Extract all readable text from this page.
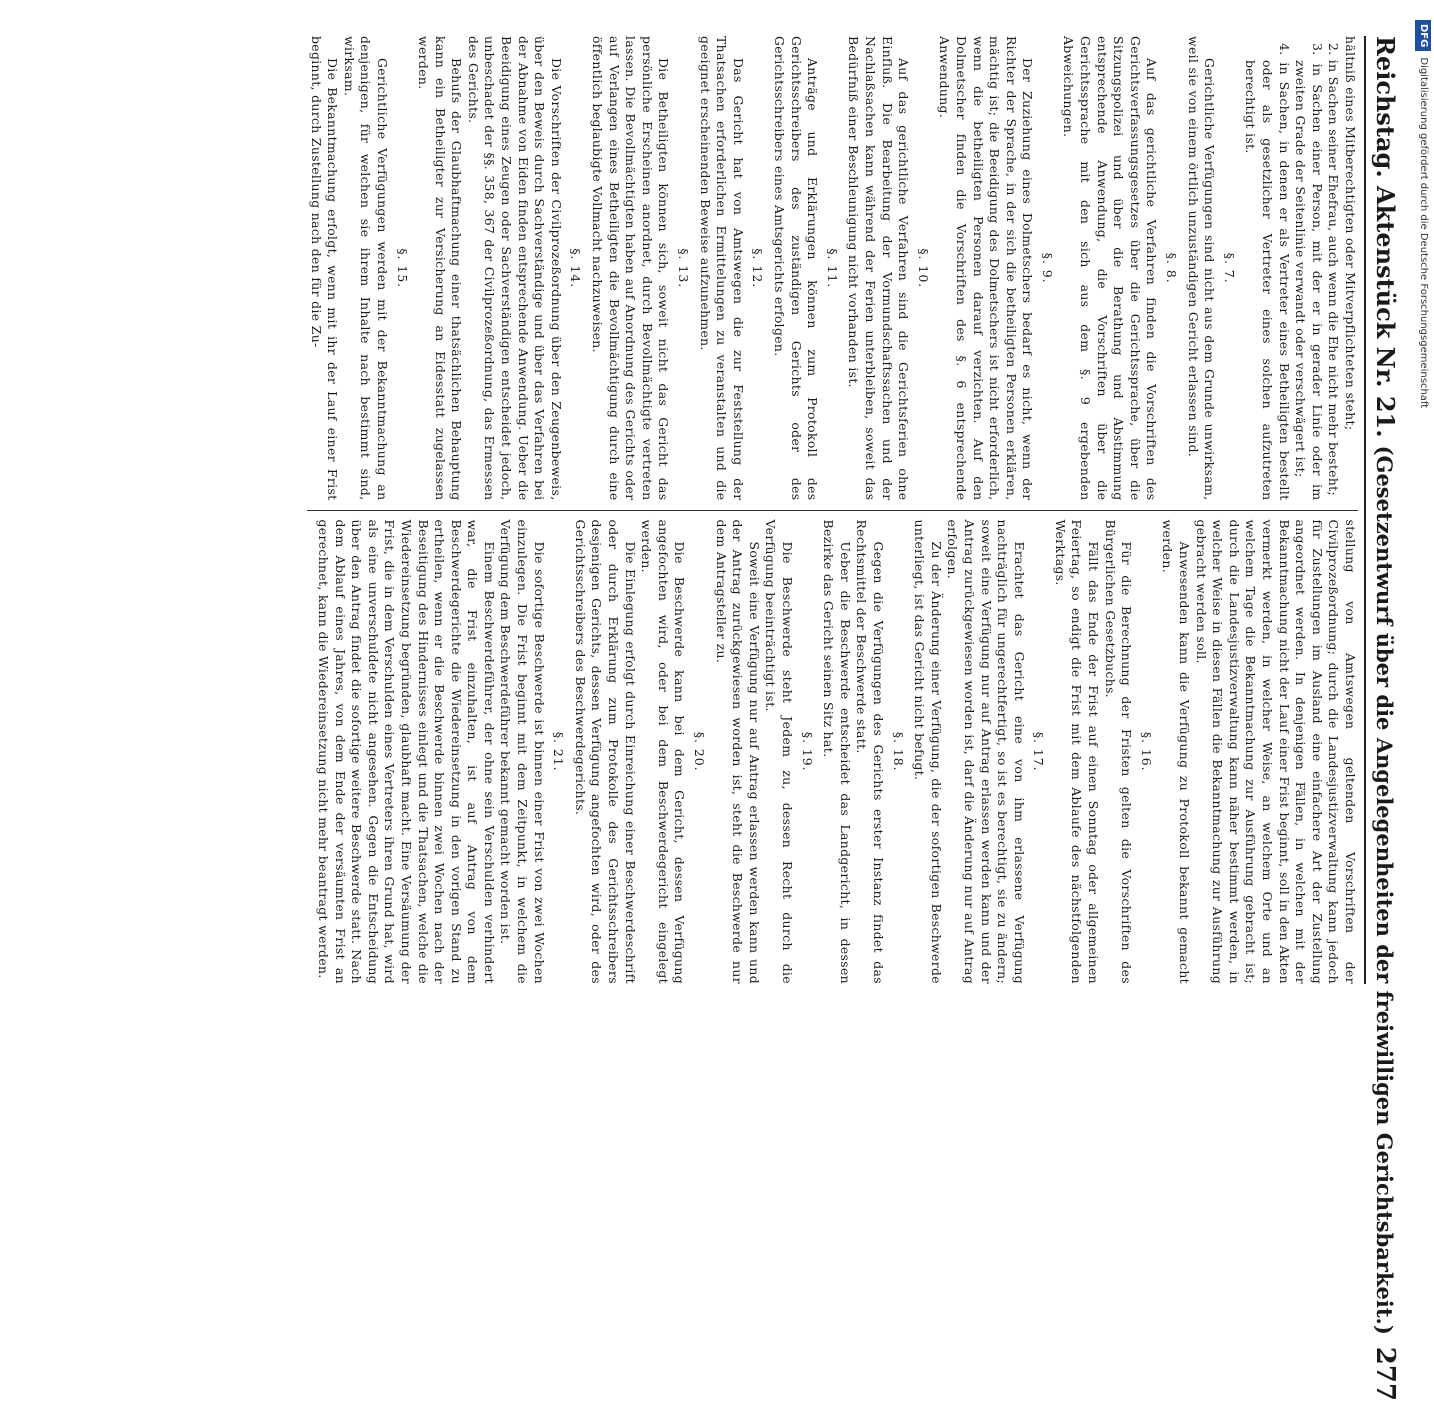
Reichstag. Aktenstück Nr. 21.(Gesetzentwurf über die Angelegenheiten der freiwilligen Gerichtsbarkeit.)
277

hältniß eines Mitberechtigten oder Mitverpflichteten steht;

2. in Sachen seiner Ehefrau, auch wenn die Ehe nicht mehr besteht;

3. in Sachen einer Person, mit der er in gerader Linie oder im zweiten Grade der Seitenlinie verwandt oder verschwägert ist;

4. in Sachen, in denen er als Vertreter eines Betheiligten bestellt oder als gesetzlicher Vertreter eines solchen aufzutreten berechtigt ist.

§. 7.

Gerichtliche Verfügungen sind nicht aus dem Grunde unwirksam, weil sie von einem örtlich unzuständigen Gericht erlassen sind.

§. 8.

Auf das gerichtliche Verfahren finden die Vorschriften des Gerichtsverfassungsgesetzes über die Gerichtssprache, über die Sitzungspolizei und über die Berathung und Abstimmung entsprechende Anwendung, die Vorschriften über die Gerichtssprache mit den sich aus dem §. 9 ergebenden Abweichungen.

§. 9.

Der Zuziehung eines Dolmetschers bedarf es nicht, wenn der Richter der Sprache, in der sich die betheiligten Personen erklären, mächtig ist; die Beeidigung des Dolmetschers ist nicht erforderlich, wenn die betheiligten Personen darauf verzichten. Auf den Dolmetscher finden die Vorschriften des §. 6 entsprechende Anwendung.

§. 10.

Auf das gerichtliche Verfahren sind die Gerichtsferien ohne Einfluß. Die Bearbeitung der Vormundschaftssachen und der Nachlaßsachen kann während der Ferien unterbleiben, soweit das Bedürfniß einer Beschleunigung nicht vorhanden ist.

§. 11.

Anträge und Erklärungen können zum Protokoll des Gerichtsschreibers des zuständigen Gerichts oder des Gerichtsschreibers eines Amtsgerichts erfolgen.

§. 12.

Das Gericht hat von Amtswegen die zur Feststellung der Thatsachen erforderlichen Ermittelungen zu veranstalten und die geeignet erscheinenden Beweise aufzunehmen.

§. 13.

Die Betheiligten können sich, soweit nicht das Gericht das persönliche Erscheinen anordnet, durch Bevollmächtigte vertreten lassen. Die Bevollmächtigten haben auf Anordnung des Gerichts oder auf Verlangen eines Betheiligten die Bevollmächtigung durch eine öffentlich beglaubigte Vollmacht nachzuweisen.

§. 14.

Die Vorschriften der Civilprozeßordnung über den Zeugenbeweis, über den Beweis durch Sachverständige und über das Verfahren bei der Abnahme von Eiden finden entsprechende Anwendung. Ueber die Beeidigung eines Zeugen oder Sachverständigen entscheidet jedoch, unbeschadet der §§. 358, 367 der Civilprozeßordnung, das Ermessen des Gerichts.

Behufs der Glaubhaftmachung einer thatsächlichen Behauptung kann ein Betheiligter zur Versicherung an Eidesstatt zugelassen werden.

§. 15.

Gerichtliche Verfügungen werden mit der Bekanntmachung an denjenigen, für welchen sie ihrem Inhalte nach bestimmt sind, wirksam.

Die Bekanntmachung erfolgt, wenn mit ihr der Lauf einer Frist beginnt, durch Zustellung nach den für die Zu-

stellung von Amtswegen geltenden Vorschriften der Civilprozeßordnung; durch die Landesjustizverwaltung kann jedoch für Zustellungen im Ausland eine einfachere Art der Zustellung angeordnet werden. In denjenigen Fällen, in welchen mit der Bekanntmachung nicht der Lauf einer Frist beginnt, soll in den Akten vermerkt werden, in welcher Weise, an welchem Orte und an welchem Tage die Bekanntmachung zur Ausführung gebracht ist; durch die Landesjustizverwaltung kann näher bestimmt werden, in welcher Weise in diesen Fällen die Bekanntmachung zur Ausführung gebracht werden soll.

Anwesenden kann die Verfügung zu Protokoll bekannt gemacht werden.

§. 16.

Für die Berechnung der Fristen gelten die Vorschriften des Bürgerlichen Gesetzbuchs.

Fällt das Ende der Frist auf einen Sonntag oder allgemeinen Feiertag, so endigt die Frist mit dem Ablaufe des nächstfolgenden Werktags.

§. 17.

Erachtet das Gericht eine von ihm erlassene Verfügung nachträglich für ungerechtfertigt, so ist es berechtigt, sie zu ändern; soweit eine Verfügung nur auf Antrag erlassen werden kann und der Antrag zurückgewiesen worden ist, darf die Änderung nur auf Antrag erfolgen.

Zu der Änderung einer Verfügung, die der sofortigen Beschwerde unterliegt, ist das Gericht nicht befugt.

§. 18.

Gegen die Verfügungen des Gerichts erster Instanz findet das Rechtsmittel der Beschwerde statt.

Ueber die Beschwerde entscheidet das Landgericht, in dessen Bezirke das Gericht seinen Sitz hat.

§. 19.

Die Beschwerde steht Jedem zu, dessen Recht durch die Verfügung beeinträchtigt ist.

Soweit eine Verfügung nur auf Antrag erlassen werden kann und der Antrag zurückgewiesen worden ist, steht die Beschwerde nur dem Antragsteller zu.

§. 20.

Die Beschwerde kann bei dem Gericht, dessen Verfügung angefochten wird, oder bei dem Beschwerdegericht eingelegt werden.

Die Einlegung erfolgt durch Einreichung einer Beschwerdeschrift oder durch Erklärung zum Protokolle des Gerichtsschreibers desjenigen Gerichts, dessen Verfügung angefochten wird, oder des Gerichtsschreibers des Beschwerdegerichts.

§. 21.

Die sofortige Beschwerde ist binnen einer Frist von zwei Wochen einzulegen. Die Frist beginnt mit dem Zeitpunkt, in welchem die Verfügung dem Beschwerdeführer bekannt gemacht worden ist.

Einem Beschwerdeführer, der ohne sein Verschulden verhindert war, die Frist einzuhalten, ist auf Antrag von dem Beschwerdegerichte die Wiedereinsetzung in den vorigen Stand zu ertheilen, wenn er die Beschwerde binnen zwei Wochen nach der Beseitigung des Hindernisses einlegt und die Thatsachen, welche die Wiedereinsetzung begründen, glaubhaft macht. Eine Versäumung der Frist, die in dem Verschulden eines Vertreters ihren Grund hat, wird als eine unverschuldete nicht angesehen. Gegen die Entscheidung über den Antrag findet die sofortige weitere Beschwerde statt. Nach dem Ablauf eines Jahres, von dem Ende der versäumten Frist an gerechnet, kann die Wiedereinsetzung nicht mehr beantragt werden.

DFGDigitalisierung gefördert durch die Deutsche Forschungsgemeinschaft
